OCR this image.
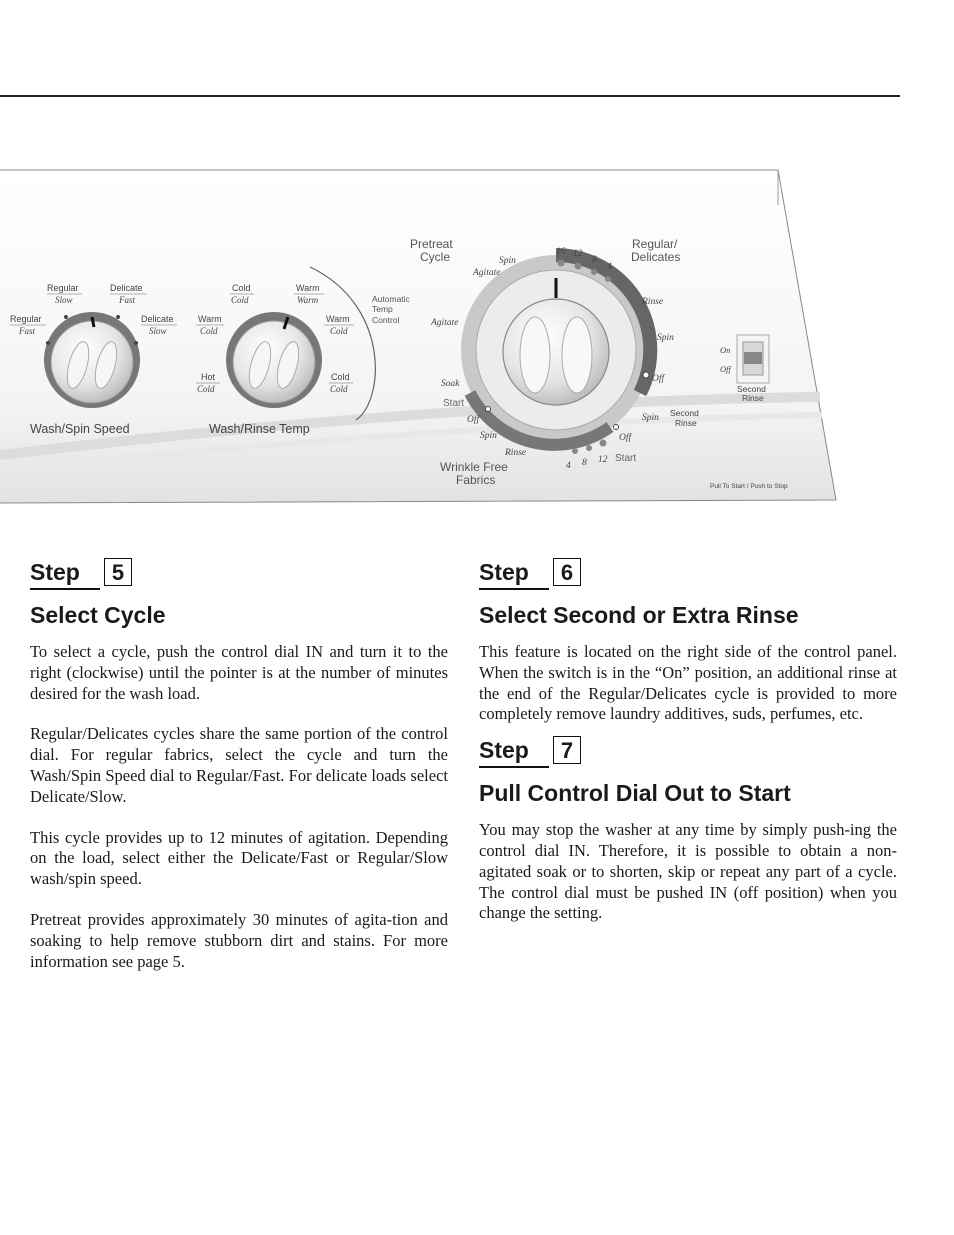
Regular
Fast
Regular
Slow
Delicate
Fast
Delicate
Slow
Wash/Spin Speed
Hot
Cold
Warm
Cold
Cold
Cold
Warm
Warm
Warm
Cold
Cold
Cold
Automatic
Temp
Control
Wash/Rinse Temp
Pretreat
Cycle
Regular/
Delicates
Wrinkle Free
Fabrics
Agitate
Spin
Agitate
Soak
Off
Spin
Rinse
Rinse
Spin
Off
Spin
Off
16 12
8
4
4 8 12
Start
Start
Second
Rinse
On
Off
Second
Rinse
Pull To Start / Push to Stop
Step	5
Select Cycle

To select a cycle, push the control dial IN and turn it to the right (clockwise) until the pointer is at the number of minutes desired for the wash load.

Regular/Delicates cycles share the same portion of the control dial. For regular fabrics, select the cycle and turn the Wash/Spin Speed dial to Regular/Fast. For delicate loads select Delicate/Slow.

This cycle provides up to 12 minutes of agitation. Depending on the load, select either the Delicate/Fast or Regular/Slow wash/spin speed.

Pretreat provides approximately 30 minutes of agita-tion and soaking to help remove stubborn dirt and stains. For more information see page 5.

Step	6
Select Second or Extra Rinse

This feature is located on the right side of the control panel. When the switch is in the “On” position, an additional rinse at the end of the Regular/Delicates cycle is provided to more completely remove laundry additives, suds, perfumes, etc.

Step	7
Pull Control Dial Out to Start

You may stop the washer at any time by simply push-ing the control dial IN. Therefore, it is possible to obtain a non-agitated soak or to shorten, skip or repeat any part of a cycle. The control dial must be pushed IN (off position) when you change the setting.
